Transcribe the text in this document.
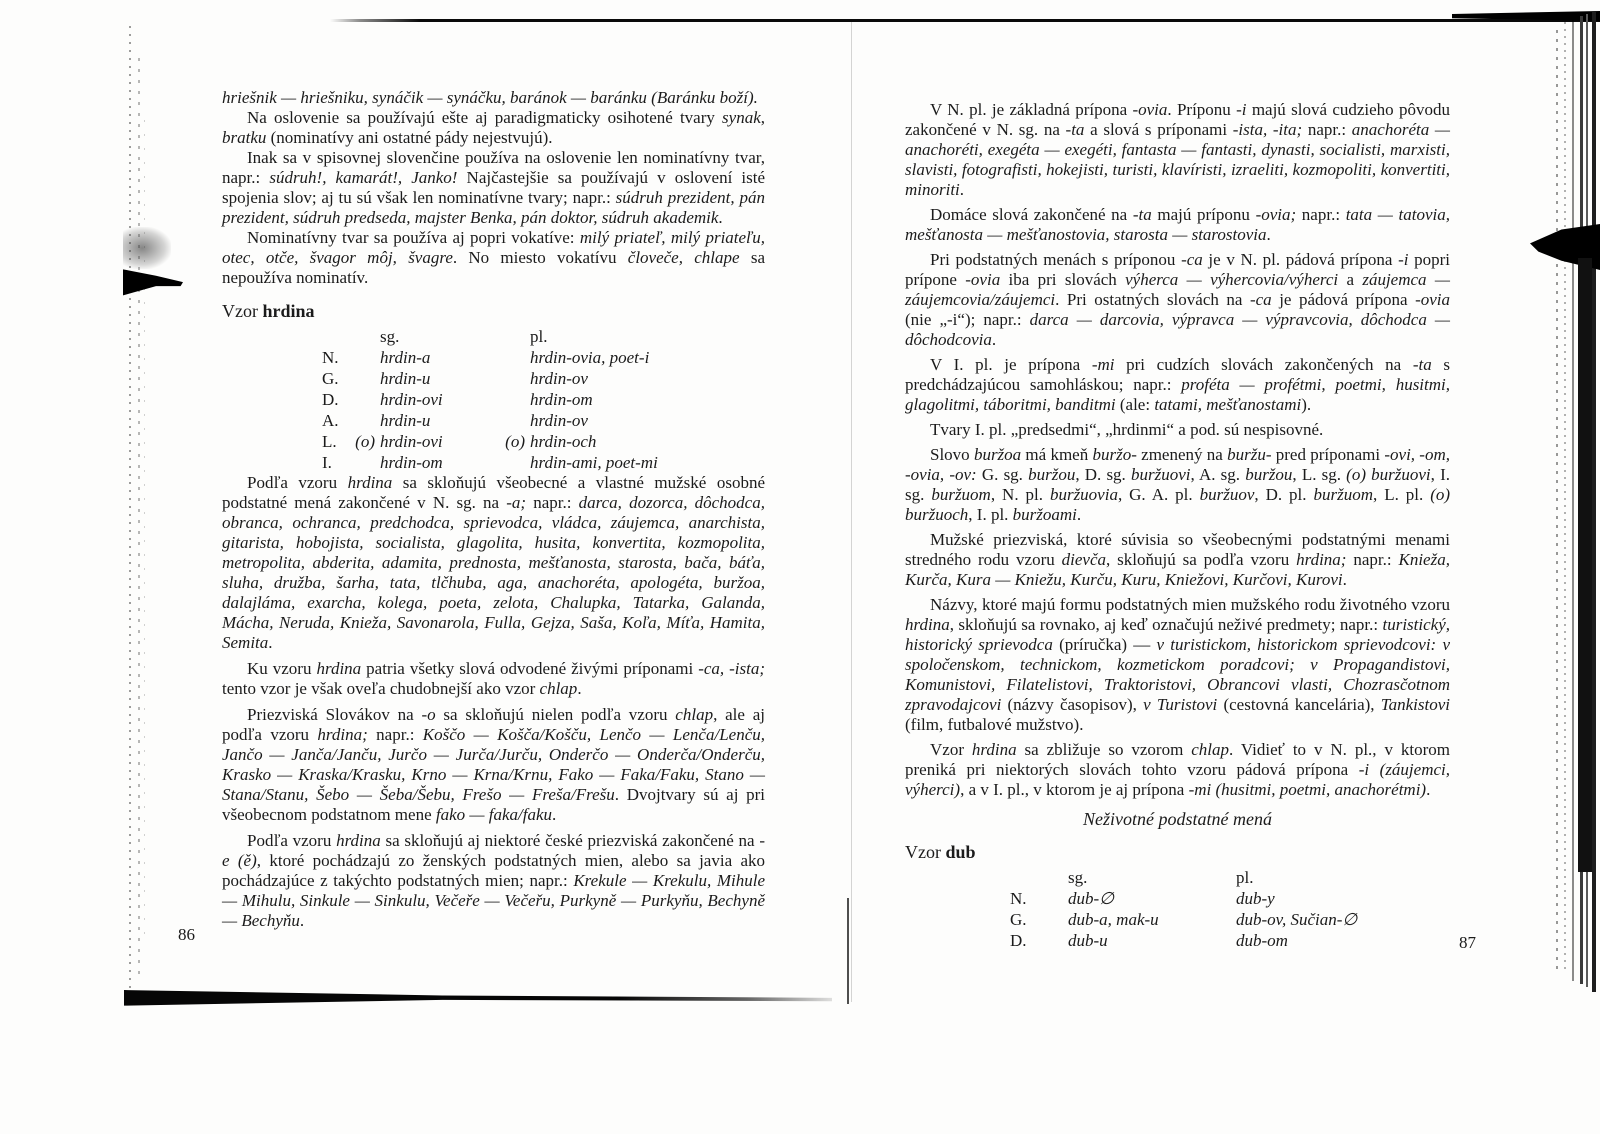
hriešnik — hriešniku, synáčik — synáčku, baránok — baránku (Baránku boží).

Na oslovenie sa používajú ešte aj paradigmaticky osihotené tvary synak, bratku (nominatívy ani ostatné pády nejestvujú).

Inak sa v spisovnej slovenčine používa na oslovenie len nominatívny tvar, napr.: súdruh!, kamarát!, Janko! Najčastejšie sa používajú v oslovení isté spojenia slov; aj tu sú však len nominatívne tvary; napr.: súdruh prezident, pán prezident, súdruh predseda, majster Benka, pán doktor, súdruh akademik.

Nominatívny tvar sa používa aj popri vokatíve: milý priateľ, milý priateľu, otec, otče, švagor môj, švagre. No miesto vokatívu človeče, chlape sa nepoužíva nominatív.

Vzor hrdina
sg.	pl.
N.	hrdin-a	hrdin-ovia, poet-i
G.	hrdin-u	hrdin-ov
D.	hrdin-ovi	hrdin-om
A.	hrdin-u	hrdin-ov
L.	(o) hrdin-ovi	(o) hrdin-och
I.	hrdin-om	hrdin-ami, poet-mi

Podľa vzoru hrdina sa skloňujú všeobecné a vlastné mužské osobné podstatné mená zakončené v N. sg. na -a; napr.: darca, dozorca, dôchodca, obranca, ochranca, predchodca, sprievodca, vládca, záujemca, anarchista, gitarista, hobojista, socialista, glagolita, husita, konvertita, kozmopolita, metropolita, abderita, adamita, prednosta, mešťanosta, starosta, bača, báťa, sluha, družba, šarha, tata, tlčhuba, aga, anachoréta, apologéta, buržoa, dalajláma, exarcha, kolega, poeta, zelota, Chalupka, Tatarka, Galanda, Mácha, Neruda, Knieža, Savonarola, Fulla, Gejza, Saša, Koľa, Míťa, Hamita, Semita.

Ku vzoru hrdina patria všetky slová odvodené živými príponami -ca, -ista; tento vzor je však oveľa chudobnejší ako vzor chlap.

Priezviská Slovákov na -o sa skloňujú nielen podľa vzoru chlap, ale aj podľa vzoru hrdina; napr.: Koščo — Košča/Košču, Lenčo — Lenča/Lenču, Jančo — Janča/Janču, Jurčo — Jurča/Jurču, Onderčo — Onderča/Onderču, Krasko — Kraska/Krasku, Krno — Krna/Krnu, Fako — Faka/Faku, Stano — Stana/Stanu, Šebo — Šeba/Šebu, Frešo — Freša/Frešu. Dvojtvary sú aj pri všeobecnom podstatnom mene fako — faka/faku.

Podľa vzoru hrdina sa skloňujú aj niektoré české priezviská zakončené na -e (ě), ktoré pochádzajú zo ženských podstatných mien, alebo sa javia ako pochádzajúce z takýchto podstatných mien; napr.: Krekule — Krekulu, Mihule — Mihulu, Sinkule — Sinkulu, Večeře — Večeřu, Purkyně — Purkyňu, Bechyně — Bechyňu.

86

V N. pl. je základná prípona -ovia. Príponu -i majú slová cudzieho pôvodu zakončené v N. sg. na -ta a slová s príponami -ista, -ita; napr.: anachoréta — anachoréti, exegéta — exegéti, fantasta — fantasti, dynasti, socialisti, marxisti, slavisti, fotografisti, hokejisti, turisti, klavíristi, izraeliti, kozmopoliti, konvertiti, minoriti.

Domáce slová zakončené na -ta majú príponu -ovia; napr.: tata — tatovia, mešťanosta — mešťanostovia, starosta — starostovia.

Pri podstatných menách s príponou -ca je v N. pl. pádová prípona -i popri prípone -ovia iba pri slovách výherca — výhercovia/výherci a záujemca — záujemcovia/záujemci. Pri ostatných slovách na -ca je pádová prípona -ovia (nie „-i“); napr.: darca — darcovia, výpravca — výpravcovia, dôchodca — dôchodcovia.

V I. pl. je prípona -mi pri cudzích slovách zakončených na -ta s predchádzajúcou samohláskou; napr.: proféta — profétmi, poetmi, husitmi, glagolitmi, táboritmi, banditmi (ale: tatami, mešťanostami).

Tvary I. pl. „predsedmi“, „hrdinmi“ a pod. sú nespisovné.

Slovo buržoa má kmeň buržo- zmenený na buržu- pred príponami -ovi, -om, -ovia, -ov: G. sg. buržou, D. sg. buržuovi, A. sg. buržou, L. sg. (o) buržuovi, I. sg. buržuom, N. pl. buržuovia, G. A. pl. buržuov, D. pl. buržuom, L. pl. (o) buržuoch, I. pl. buržoami.

Mužské priezviská, ktoré súvisia so všeobecnými podstatnými menami stredného rodu vzoru dievča, skloňujú sa podľa vzoru hrdina; napr.: Knieža, Kurča, Kura — Kniežu, Kurču, Kuru, Kniežovi, Kurčovi, Kurovi.

Názvy, ktoré majú formu podstatných mien mužského rodu životného vzoru hrdina, skloňujú sa rovnako, aj keď označujú neživé predmety; napr.: turistický, historický sprievodca (príručka) — v turistickom, historickom sprievodcovi: v spoločenskom, technickom, kozmetickom poradcovi; v Propagandistovi, Komunistovi, Filatelistovi, Traktoristovi, Obrancovi vlasti, Chozrasčotnom zpravodajcovi (názvy časopisov), v Turistovi (cestovná kancelária), Tankistovi (film, futbalové mužstvo).

Vzor hrdina sa zbližuje so vzorom chlap. Vidieť to v N. pl., v ktorom preniká pri niektorých slovách tohto vzoru pádová prípona -i (záujemci, výherci), a v I. pl., v ktorom je aj prípona -mi (husitmi, poetmi, anachorétmi).

Neživotné podstatné mená
Vzor dub
sg.	pl.
N.	dub-∅	dub-y
G.	dub-a, mak-u	dub-ov, Sučian-∅
D.	dub-u	dub-om	87
